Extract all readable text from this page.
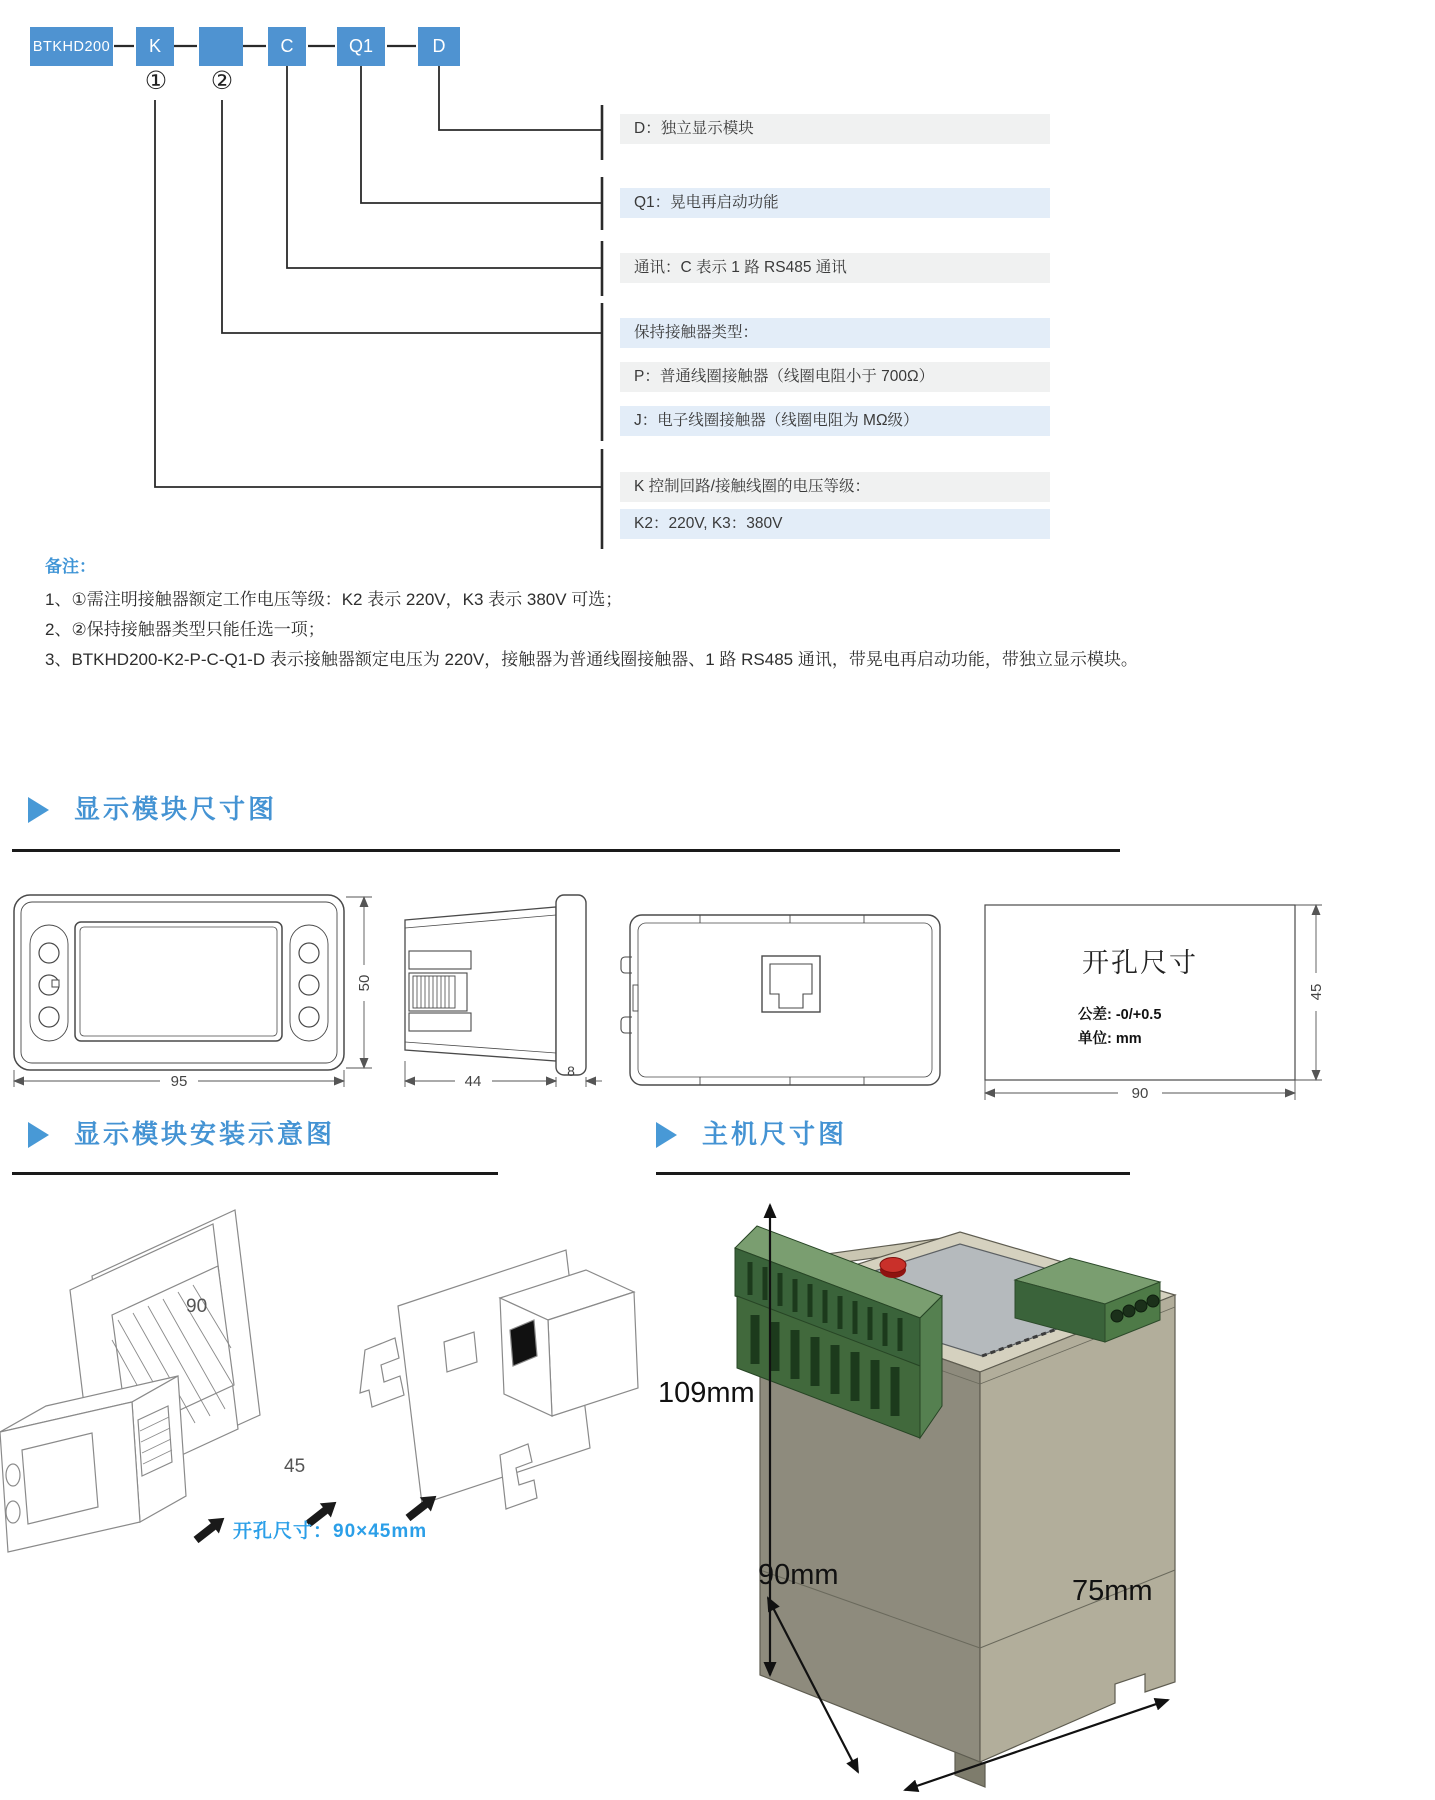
BTKHD200	K	C	Q1	D
①	②
D：独立显示模块
Q1：晃电再启动功能
通讯：C 表示 1 路 RS485 通讯
保持接触器类型：
P：普通线圈接触器（线圈电阻小于 700Ω）
J：电子线圈接触器（线圈电阻为 MΩ级）
K 控制回路/接触线圈的电压等级：
K2：220V, K3：380V
备注：
1、①需注明接触器额定工作电压等级：K2 表示 220V，K3 表示 380V 可选；
2、②保持接触器类型只能任选一项；
3、BTKHD200-K2-P-C-Q1-D 表示接触器额定电压为 220V，接触器为普通线圈接触器、1 路 RS485 通讯，带晃电再启动功能，带独立显示模块。
显示模块尺寸图
50
95	44
8
开孔尺寸
公差: -0/+0.5
单位: mm
45
90
显示模块安装示意图	主机尺寸图
90
45
开孔尺寸：90×45mm
109mm
90mm	75mm
